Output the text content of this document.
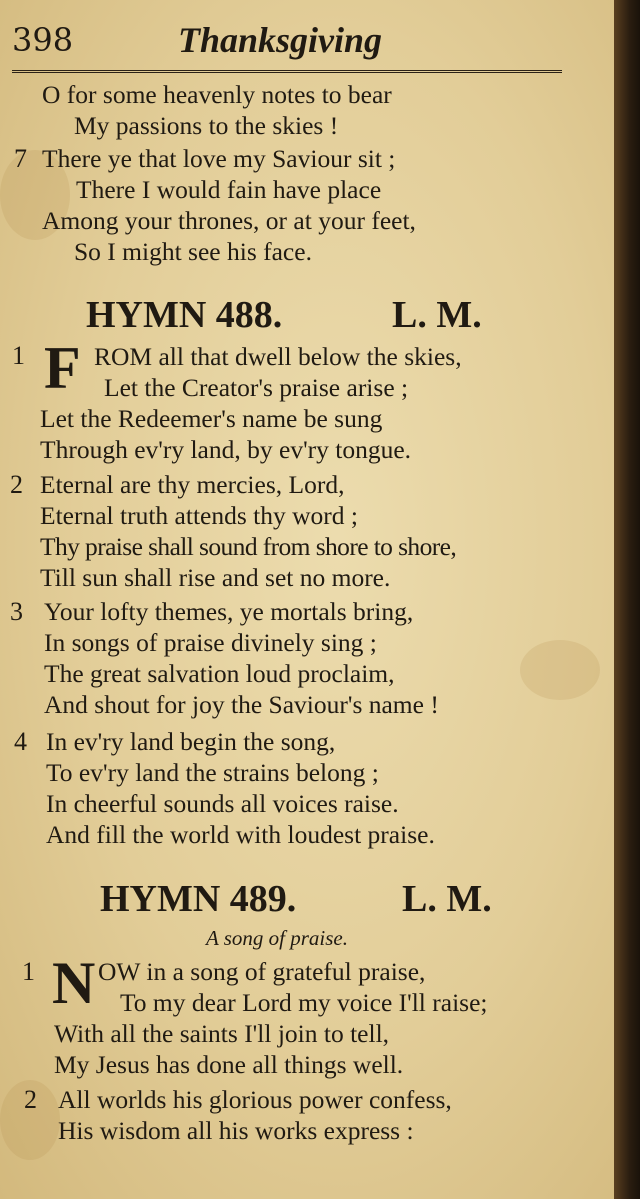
398	Thanksgiving
O for some heavenly notes to bear
My passions to the skies !
7 There ye that love my Saviour sit ;
There I would fain have place
Among your thrones, or at your feet,
So I might see his face.
HYMN 488.	L. M.
1 F ROM all that dwell below the skies,
Let the Creator's praise arise ;
Let the Redeemer's name be sung
Through ev'ry land, by ev'ry tongue.
2 Eternal are thy mercies, Lord,
Eternal truth attends thy word ;
Thy praise shall sound from shore to shore,
Till sun shall rise and set no more.
3 Your lofty themes, ye mortals bring,
In songs of praise divinely sing ;
The great salvation loud proclaim,
And shout for joy the Saviour's name !
4 In ev'ry land begin the song,
To ev'ry land the strains belong ;
In cheerful sounds all voices raise.
And fill the world with loudest praise.
HYMN 489.	L. M.
A song of praise.
1 N OW in a song of grateful praise,
To my dear Lord my voice I'll raise;
With all the saints I'll join to tell,
My Jesus has done all things well.
2 All worlds his glorious power confess,
His wisdom all his works express :
